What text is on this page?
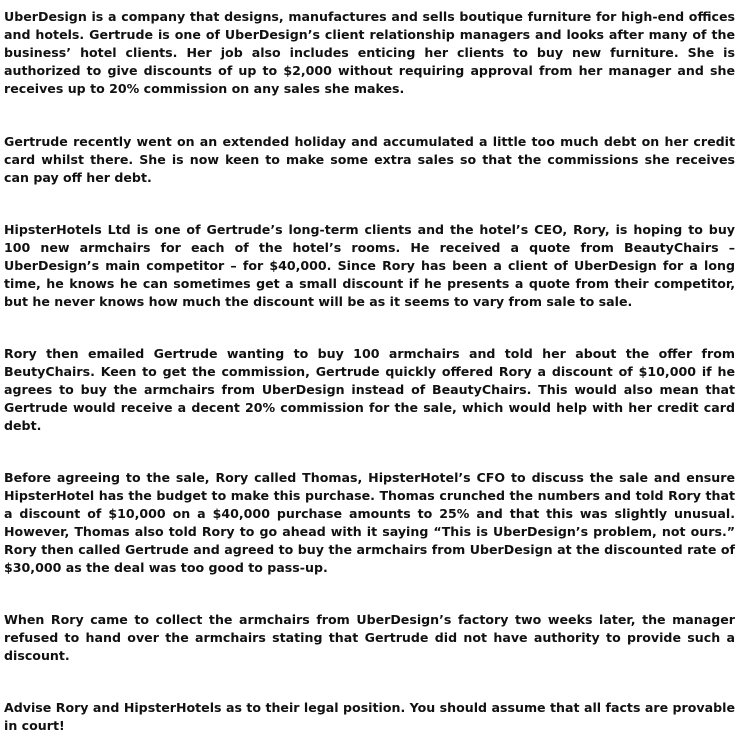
UberDesign is a company that designs, manufactures and sells boutique furniture for high-end offices and hotels. Gertrude is one of UberDesign’s client relationship managers and looks after many of the business’ hotel clients. Her job also includes enticing her clients to buy new furniture. She is authorized to give discounts of up to $2,000 without requiring approval from her manager and she receives up to 20% commission on any sales she makes.

Gertrude recently went on an extended holiday and accumulated a little too much debt on her credit card whilst there. She is now keen to make some extra sales so that the commissions she receives can pay off her debt.

HipsterHotels Ltd is one of Gertrude’s long-term clients and the hotel’s CEO, Rory, is hoping to buy 100 new armchairs for each of the hotel’s rooms. He received a quote from BeautyChairs – UberDesign’s main competitor – for $40,000. Since Rory has been a client of UberDesign for a long time, he knows he can sometimes get a small discount if he presents a quote from their competitor, but he never knows how much the discount will be as it seems to vary from sale to sale.

Rory then emailed Gertrude wanting to buy 100 armchairs and told her about the offer from BeutyChairs. Keen to get the commission, Gertrude quickly offered Rory a discount of $10,000 if he agrees to buy the armchairs from UberDesign instead of BeautyChairs. This would also mean that Gertrude would receive a decent 20% commission for the sale, which would help with her credit card debt.

Before agreeing to the sale, Rory called Thomas, HipsterHotel’s CFO to discuss the sale and ensure HipsterHotel has the budget to make this purchase. Thomas crunched the numbers and told Rory that a discount of $10,000 on a $40,000 purchase amounts to 25% and that this was slightly unusual. However, Thomas also told Rory to go ahead with it saying “This is UberDesign’s problem, not ours.” Rory then called Gertrude and agreed to buy the armchairs from UberDesign at the discounted rate of $30,000 as the deal was too good to pass-up.

When Rory came to collect the armchairs from UberDesign’s factory two weeks later, the manager refused to hand over the armchairs stating that Gertrude did not have authority to provide such a discount.

Advise Rory and HipsterHotels as to their legal position. You should assume that all facts are provable in court!
